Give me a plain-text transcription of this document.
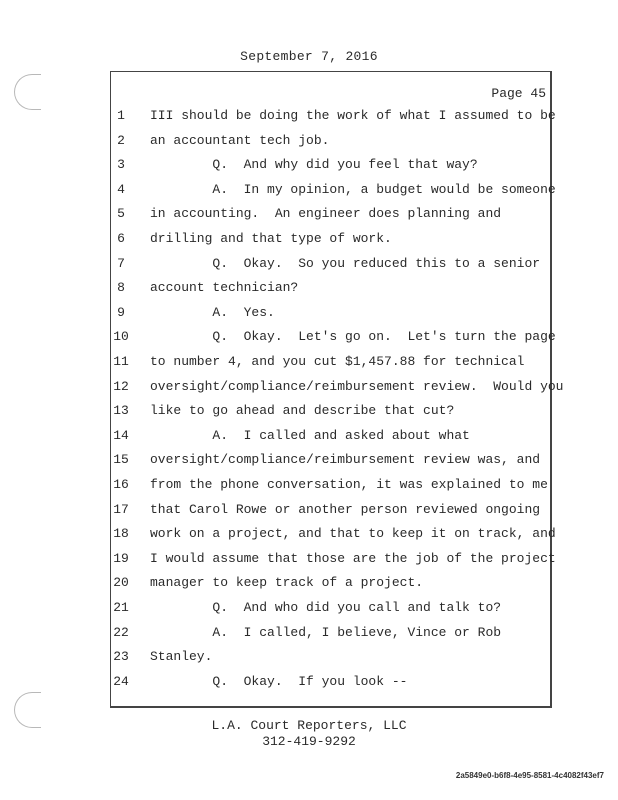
September 7, 2016
Page 45
1	III should be doing the work of what I assumed to be
2	an accountant tech job.
3	Q.  And why did you feel that way?
4	A.  In my opinion, a budget would be someone
5	in accounting.  An engineer does planning and
6	drilling and that type of work.
7	Q.  Okay.  So you reduced this to a senior
8	account technician?
9	A.  Yes.
10	Q.  Okay.  Let's go on.  Let's turn the page
11	to number 4, and you cut $1,457.88 for technical
12	oversight/compliance/reimbursement review.  Would you
13	like to go ahead and describe that cut?
14	A.  I called and asked about what
15	oversight/compliance/reimbursement review was, and
16	from the phone conversation, it was explained to me
17	that Carol Rowe or another person reviewed ongoing
18	work on a project, and that to keep it on track, and
19	I would assume that those are the job of the project
20	manager to keep track of a project.
21	Q.  And who did you call and talk to?
22	A.  I called, I believe, Vince or Rob
23	Stanley.
24	Q.  Okay.  If you look --
L.A. Court Reporters, LLC
312-419-9292
2a5849e0-b6f8-4e95-8581-4c4082f43ef7
